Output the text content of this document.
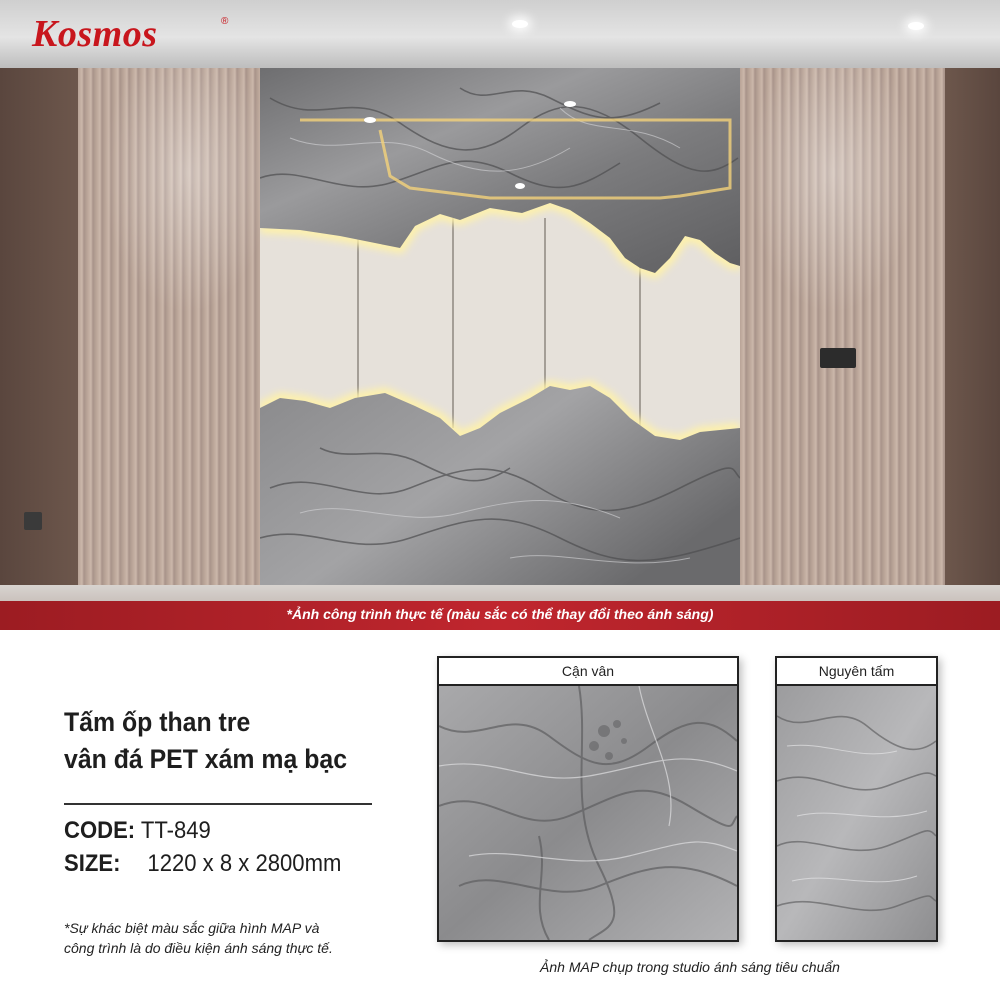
*Ảnh công trình thực tế (màu sắc có thể thay đổi theo ánh sáng)
Kosmos	®
Tấm ốp than tre
vân đá PET xám mạ bạc
CODE: TT-849
SIZE: 1220 x 8 x 2800mm
*Sự khác biệt màu sắc giữa hình MAP và
công trình là do điều kiện ánh sáng thực tế.
Cận vân	Nguyên tấm
Ảnh MAP chụp trong studio ánh sáng tiêu chuẩn
